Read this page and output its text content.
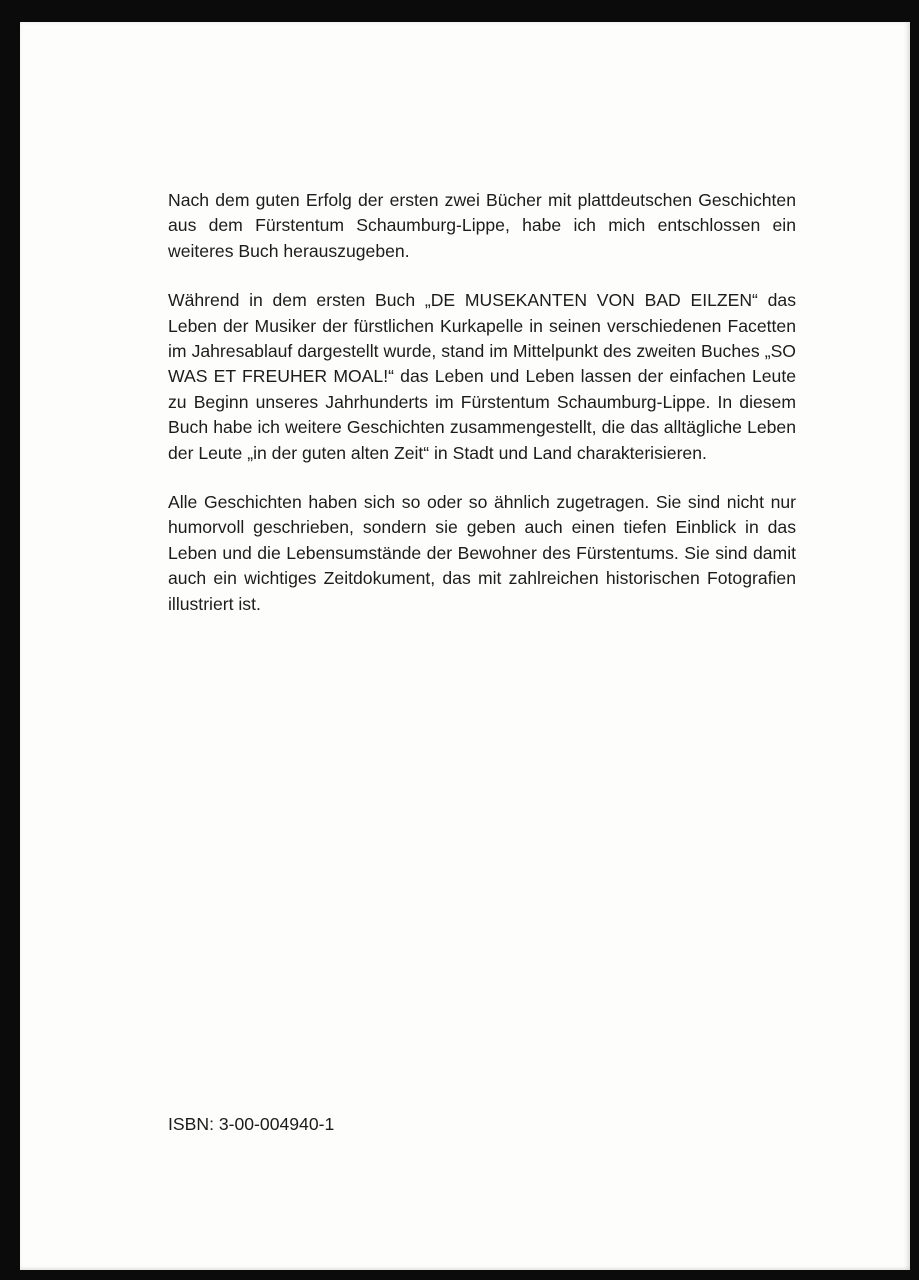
Nach dem guten Erfolg der ersten zwei Bücher mit plattdeutschen Geschichten aus dem Fürstentum Schaumburg-Lippe, habe ich mich entschlossen ein weiteres Buch herauszugeben.

Während in dem ersten Buch „DE MUSEKANTEN VON BAD EILZEN“ das Leben der Musiker der fürstlichen Kurkapelle in seinen verschiedenen Facetten im Jahresablauf dargestellt wurde, stand im Mittelpunkt des zweiten Buches „SO WAS ET FREUHER MOAL!“ das Leben und Leben lassen der einfachen Leute zu Beginn unseres Jahrhunderts im Fürstentum Schaumburg-Lippe. In diesem Buch habe ich weitere Geschichten zusammengestellt, die das alltägliche Leben der Leute „in der guten alten Zeit“ in Stadt und Land charakterisieren.

Alle Geschichten haben sich so oder so ähnlich zugetragen. Sie sind nicht nur humorvoll geschrieben, sondern sie geben auch einen tiefen Einblick in das Leben und die Lebensumstände der Bewohner des Fürstentums. Sie sind damit auch ein wichtiges Zeitdokument, das mit zahlreichen historischen Fotografien illustriert ist.

ISBN: 3-00-004940-1
